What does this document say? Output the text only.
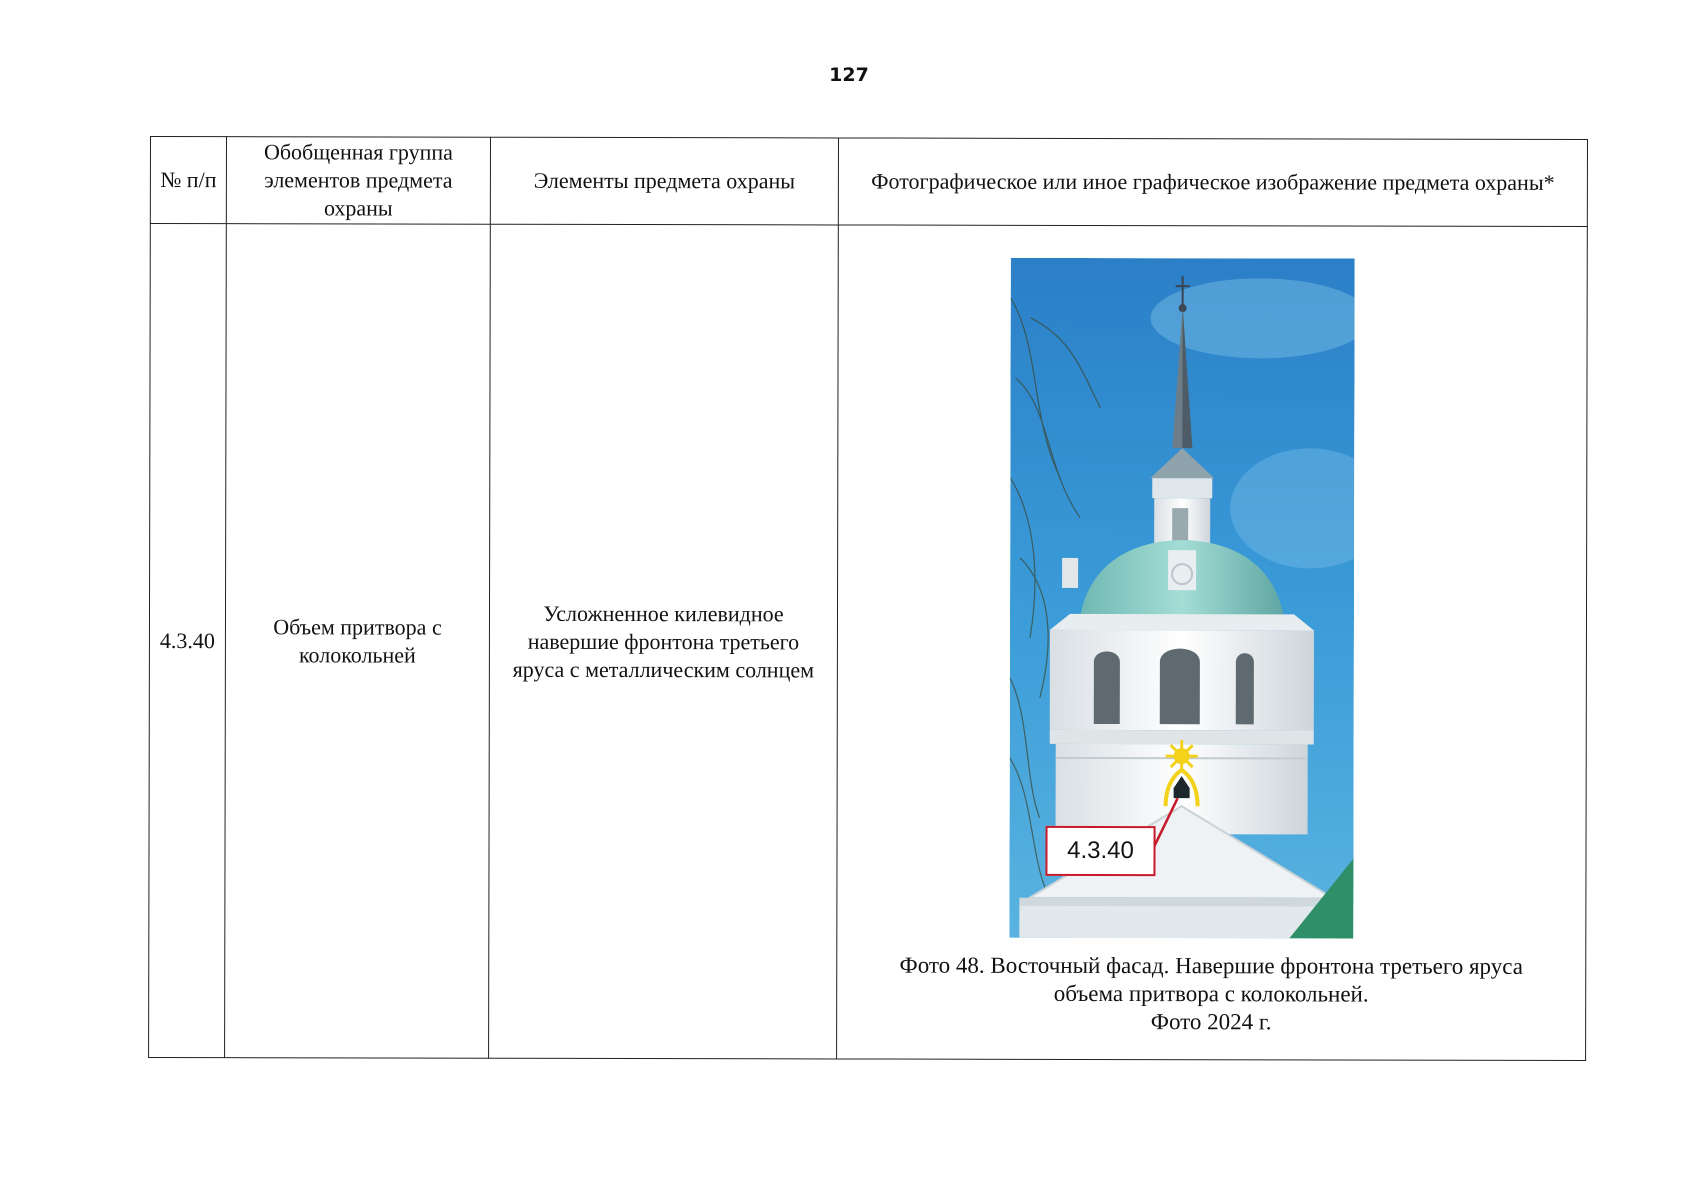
127
№ п/п	Обобщенная группа элементов предмета охраны	Элементы предмета охраны	Фотографическое или иное графическое изображение предмета охраны*
4.3.40	Объем притвора с колокольней	Усложненное килевидное навершие фронтона третьего яруса с металлическим солнцем	4.3.40
Фото 48. Восточный фасад. Навершие фронтона третьего яруса
объема притвора с колокольней.
Фото 2024 г.
